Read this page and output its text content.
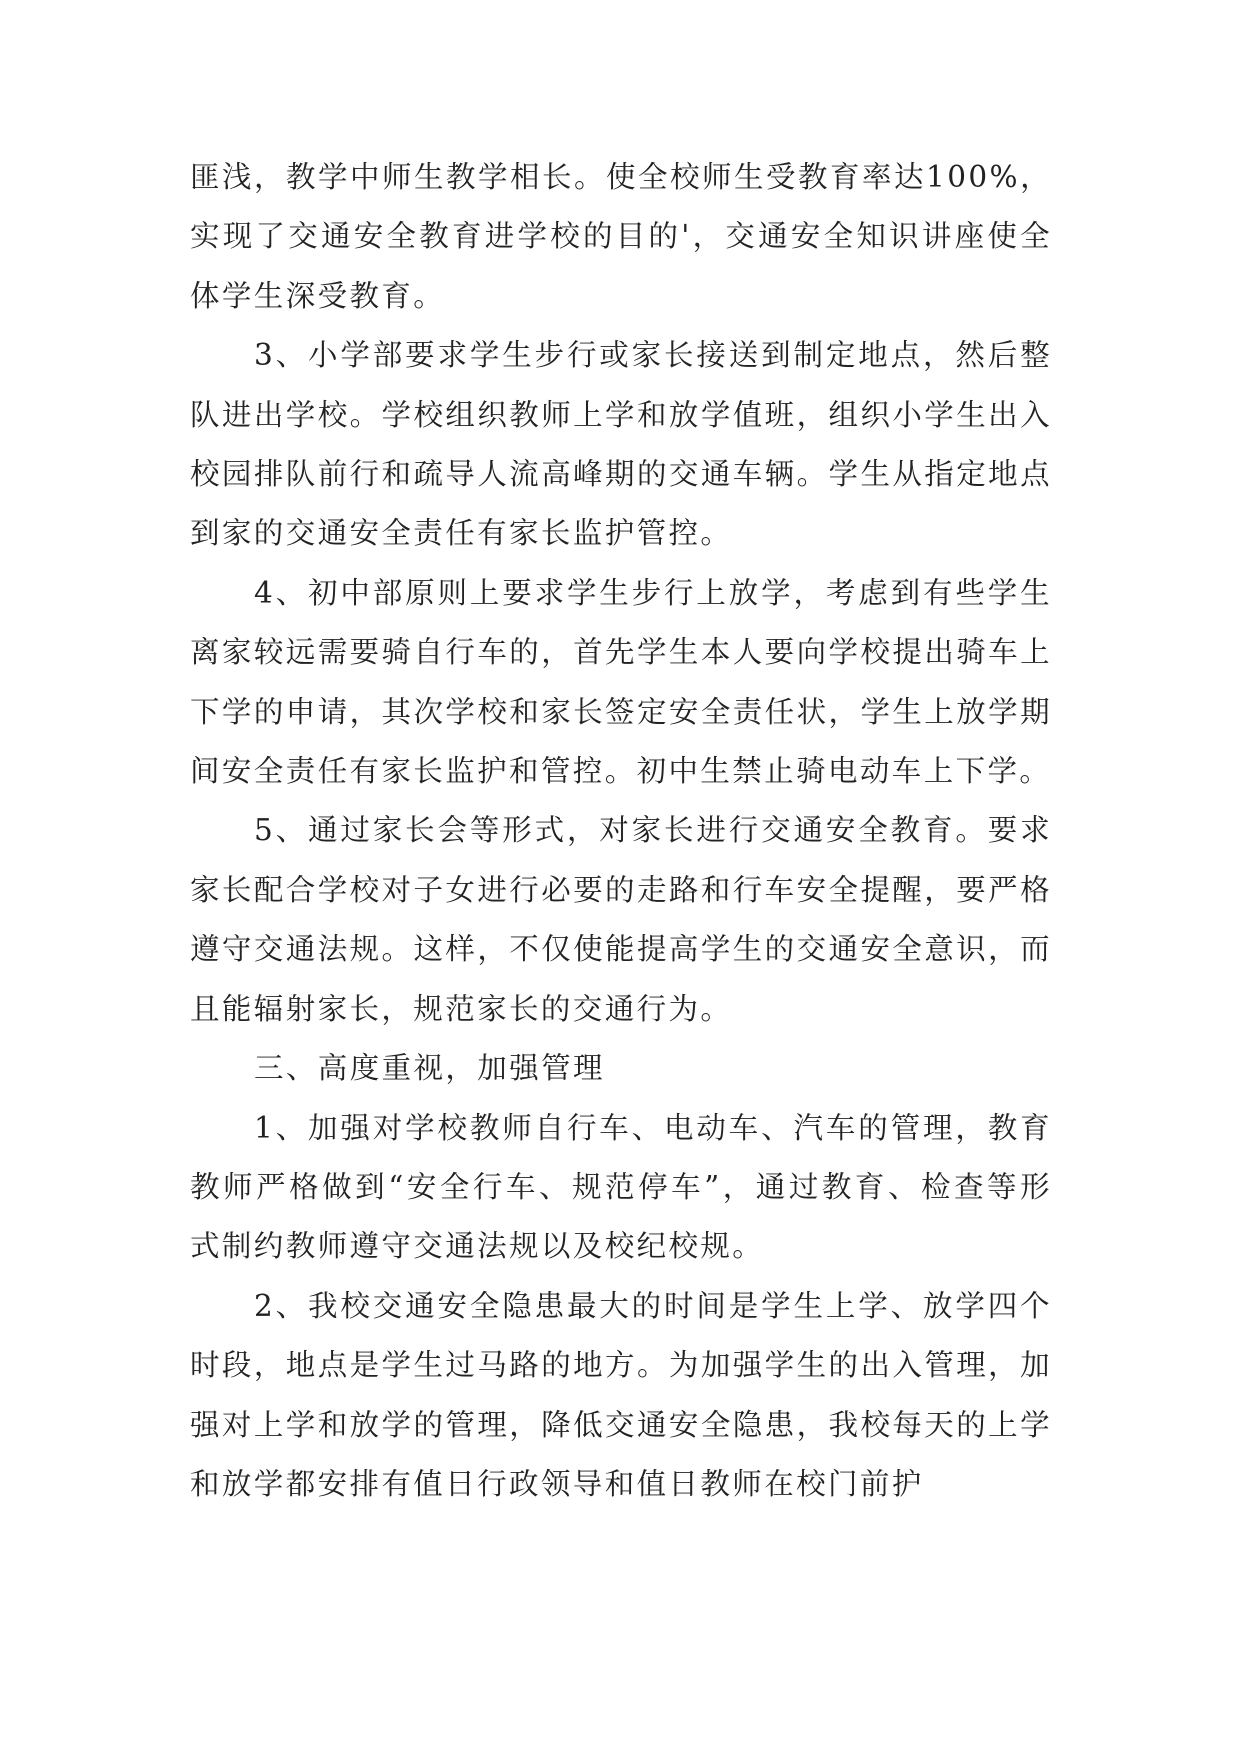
匪浅，教学中师生教学相长。使全校师生受教育率达100%，实现了交通安全教育进学校的目的'，交通安全知识讲座使全体学生深受教育。

3、小学部要求学生步行或家长接送到制定地点，然后整队进出学校。学校组织教师上学和放学值班，组织小学生出入校园排队前行和疏导人流高峰期的交通车辆。学生从指定地点到家的交通安全责任有家长监护管控。

4、初中部原则上要求学生步行上放学，考虑到有些学生离家较远需要骑自行车的，首先学生本人要向学校提出骑车上下学的申请，其次学校和家长签定安全责任状，学生上放学期间安全责任有家长监护和管控。初中生禁止骑电动车上下学。

5、通过家长会等形式，对家长进行交通安全教育。要求家长配合学校对子女进行必要的走路和行车安全提醒，要严格遵守交通法规。这样，不仅使能提高学生的交通安全意识，而且能辐射家长，规范家长的交通行为。

三、高度重视，加强管理

1、加强对学校教师自行车、电动车、汽车的管理，教育教师严格做到“安全行车、规范停车”，通过教育、检查等形式制约教师遵守交通法规以及校纪校规。

2、我校交通安全隐患最大的时间是学生上学、放学四个时段，地点是学生过马路的地方。为加强学生的出入管理，加强对上学和放学的管理，降低交通安全隐患，我校每天的上学和放学都安排有值日行政领导和值日教师在校门前护
